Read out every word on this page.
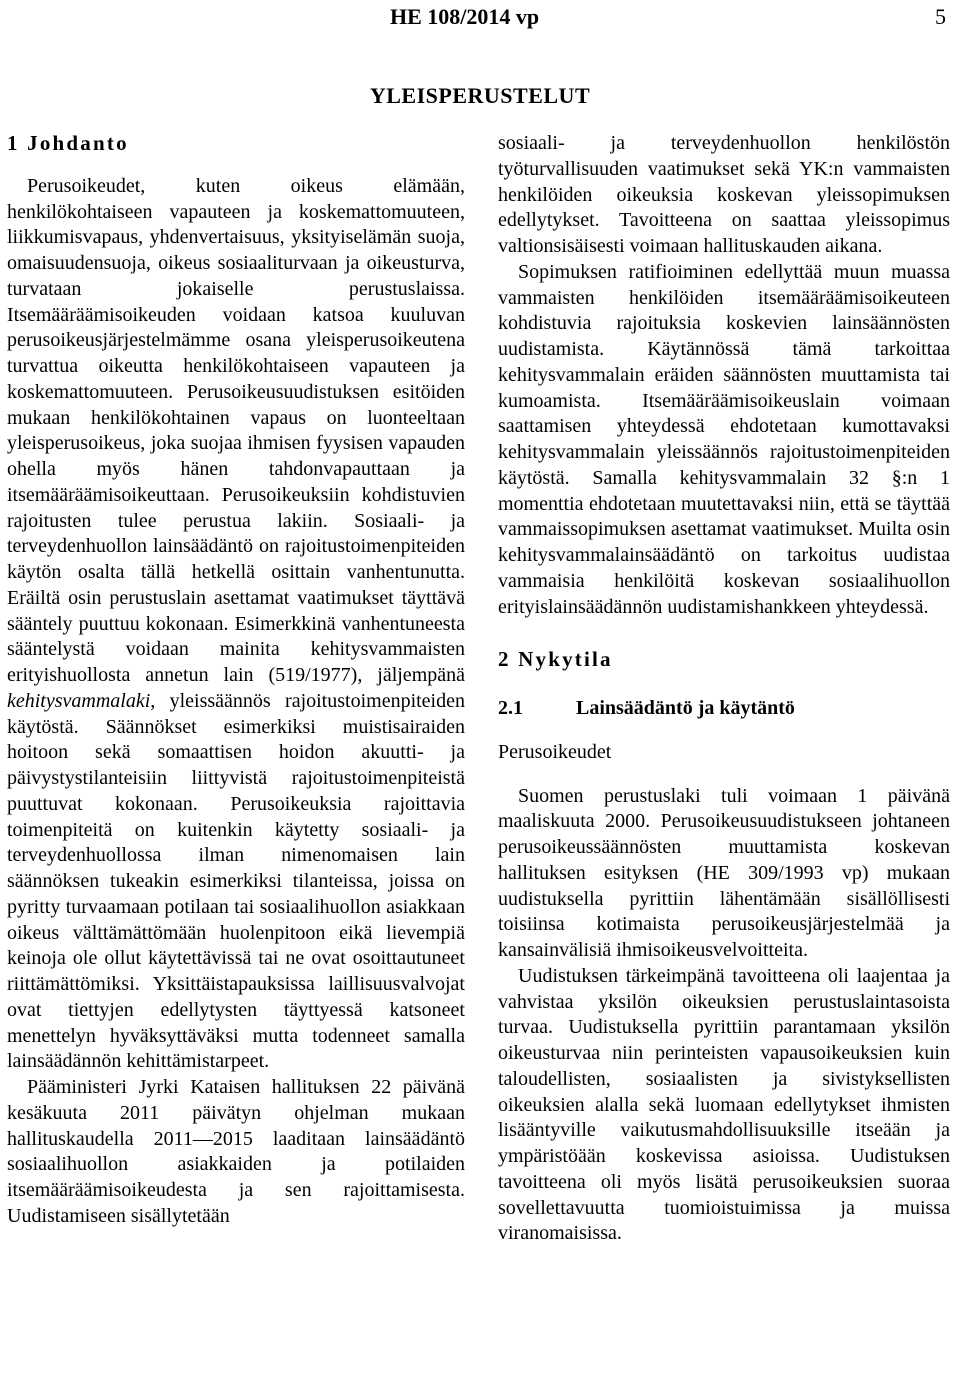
HE 108/2014 vp	5
YLEISPERUSTELUT
1 Johdanto

Perusoikeudet, kuten oikeus elämään, henkilökohtaiseen vapauteen ja koskemattomuuteen, liikkumisvapaus, yhdenvertaisuus, yksityiselämän suoja, omaisuudensuoja, oikeus sosiaaliturvaan ja oikeusturva, turvataan jokaiselle perustuslaissa. Itsemääräämisoikeuden voidaan katsoa kuuluvan perusoikeusjärjestelmämme osana yleisperusoikeutena turvattua oikeutta henkilökohtaiseen vapauteen ja koskemattomuuteen. Perusoikeusuudistuksen esitöiden mukaan henkilökohtainen vapaus on luonteeltaan yleisperusoikeus, joka suojaa ihmisen fyysisen vapauden ohella myös hänen tahdonvapauttaan ja itsemääräämisoikeuttaan. Perusoikeuksiin kohdistuvien rajoitusten tulee perustua lakiin. Sosiaali- ja terveydenhuollon lainsäädäntö on rajoitustoimenpiteiden käytön osalta tällä hetkellä osittain vanhentunutta. Eräiltä osin perustuslain asettamat vaatimukset täyttävä sääntely puuttuu kokonaan. Esimerkkinä vanhentuneesta sääntelystä voidaan mainita kehitysvammaisten erityishuollosta annetun lain (519/1977), jäljempänä kehitysvammalaki, yleissäännös rajoitustoimenpiteiden käytöstä. Säännökset esimerkiksi muistisairaiden hoitoon sekä somaattisen hoidon akuutti- ja päivystystilanteisiin liittyvistä rajoitustoimenpiteistä puuttuvat kokonaan. Perusoikeuksia rajoittavia toimenpiteitä on kuitenkin käytetty sosiaali- ja terveydenhuollossa ilman nimenomaisen lain säännöksen tukeakin esimerkiksi tilanteissa, joissa on pyritty turvaamaan potilaan tai sosiaalihuollon asiakkaan oikeus välttämättömään huolenpitoon eikä lievempiä keinoja ole ollut käytettävissä tai ne ovat osoittautuneet riittämättömiksi. Yksittäistapauksissa laillisuusvalvojat ovat tiettyjen edellytysten täyttyessä katsoneet menettelyn hyväksyttäväksi mutta todenneet samalla lainsäädännön kehittämistarpeet.

Pääministeri Jyrki Kataisen hallituksen 22 päivänä kesäkuuta 2011 päivätyn ohjelman mukaan hallituskaudella 2011—2015 laaditaan lainsäädäntö sosiaalihuollon asiakkaiden ja potilaiden itsemääräämisoikeudesta ja sen rajoittamisesta. Uudistamiseen sisällytetään

sosiaali- ja terveydenhuollon henkilöstön työturvallisuuden vaatimukset sekä YK:n vammaisten henkilöiden oikeuksia koskevan yleissopimuksen edellytykset. Tavoitteena on saattaa yleissopimus valtionsisäisesti voimaan hallituskauden aikana.

Sopimuksen ratifioiminen edellyttää muun muassa vammaisten henkilöiden itsemääräämisoikeuteen kohdistuvia rajoituksia koskevien lainsäännösten uudistamista. Käytännössä tämä tarkoittaa kehitysvammalain eräiden säännösten muuttamista tai kumoamista. Itsemääräämisoikeuslain voimaan saattamisen yhteydessä ehdotetaan kumottavaksi kehitysvammalain yleissäännös rajoitustoimenpiteiden käytöstä. Samalla kehitysvammalain 32 §:n 1 momenttia ehdotetaan muutettavaksi niin, että se täyttää vammaissopimuksen asettamat vaatimukset. Muilta osin kehitysvammalainsäädäntö on tarkoitus uudistaa vammaisia henkilöitä koskevan sosiaalihuollon erityislainsäädännön uudistamishankkeen yhteydessä.

2 Nykytila
2.1	Lainsäädäntö ja käytäntö

Perusoikeudet

Suomen perustuslaki tuli voimaan 1 päivänä maaliskuuta 2000. Perusoikeusuudistukseen johtaneen perusoikeussäännösten muuttamista koskevan hallituksen esityksen (HE 309/1993 vp) mukaan uudistuksella pyrittiin lähentämään sisällöllisesti toisiinsa kotimaista perusoikeusjärjestelmää ja kansainvälisiä ihmisoikeusvelvoitteita.

Uudistuksen tärkeimpänä tavoitteena oli laajentaa ja vahvistaa yksilön oikeuksien perustuslaintasoista turvaa. Uudistuksella pyrittiin parantamaan yksilön oikeusturvaa niin perinteisten vapausoikeuksien kuin taloudellisten, sosiaalisten ja sivistyksellisten oikeuksien alalla sekä luomaan edellytykset ihmisten lisääntyville vaikutusmahdollisuuksille itseään ja ympäristöään koskevissa asioissa. Uudistuksen tavoitteena oli myös lisätä perusoikeuksien suoraa sovellettavuutta tuomioistuimissa ja muissa viranomaisissa.
